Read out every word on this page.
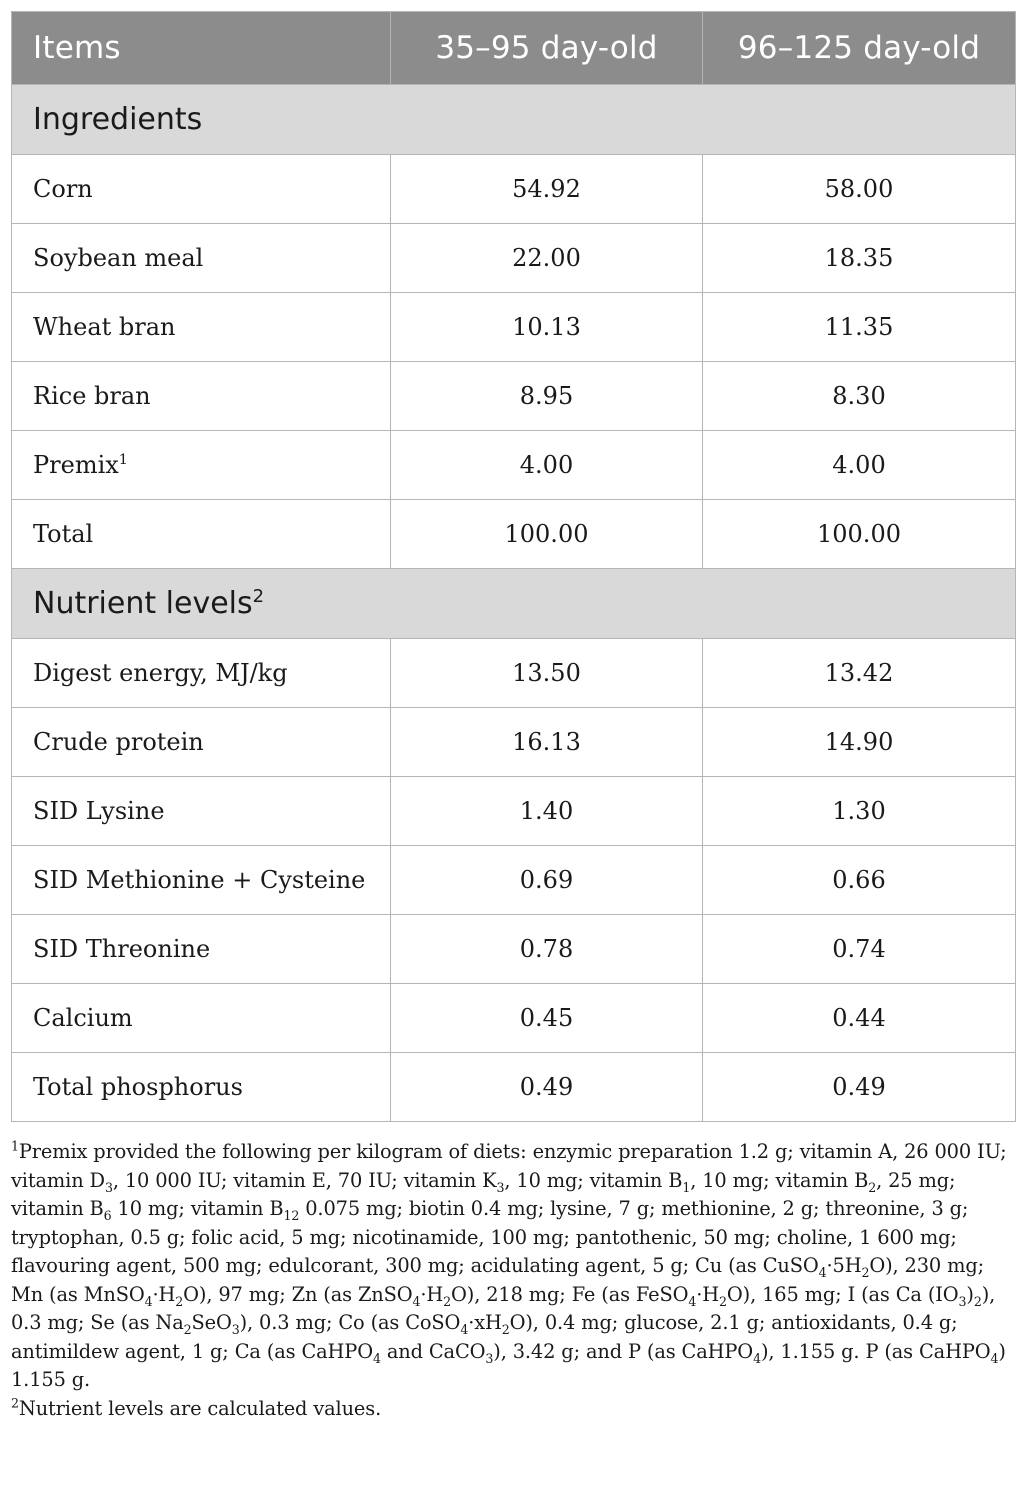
Items	35–95 day-old	96–125 day-old
Ingredients		
Corn	54.92	58.00
Soybean meal	22.00	18.35
Wheat bran	10.13	11.35
Rice bran	8.95	8.30
Premix$^1$	4.00	4.00
Total	100.00	100.00
Nutrient levels$^2$
Digest energy, MJ/kg	13.50	13.42
Crude protein	16.13	14.90
SID Lysine	1.40	1.30
SID Methionine + Cysteine	0.69	0.66
SID Threonine	0.78	0.74
Calcium	0.45	0.44
Total phosphorus	0.49	0.49

$^1$Premix provided the following per kilogram of diets: enzymic preparation 1.2 g; vitamin A, 26 000 IU; vitamin $D_3$, 10 000 IU; vitamin E, 70 IU; vitamin $K_3$, 10 mg; vitamin $B_1$, 10 mg; vitamin $B_2$, 25 mg; vitamin $B_6$ 10 mg; vitamin $B_{12}$ 0.075 mg; biotin 0.4 mg; lysine, 7 g; methionine, 2 g; threonine, 3 g; tryptophan, 0.5 g; folic acid, 5 mg; nicotinamide, 100 mg; pantothenic, 50 mg; choline, 1 600 mg; flavouring agent, 500 mg; edulcorant, 300 mg; acidulating agent, 5 g; Cu (as $CuSO_4\cdot 5H_2O$), 230 mg; Mn (as $MnSO_4\cdot H_2O$), 97 mg; Zn (as $ZnSO_4\cdot H_2O$), 218 mg; Fe (as $FeSO_4\cdot H_2O$), 165 mg; I (as Ca $(IO_3)_2$), 0.3 mg; Se (as $Na_2SeO_3$), 0.3 mg; Co (as $CoSO_4\cdot xH_2O$), 0.4 mg; glucose, 2.1 g; antioxidants, 0.4 g; antimildew agent, 1 g; Ca (as CaHPO$_4$ and CaCO$_3$), 3.42 g; and P (as CaHPO$_4$), 1.155 g. P (as CaHPO$_4$) 1.155 g.

$^2$Nutrient levels are calculated values.
